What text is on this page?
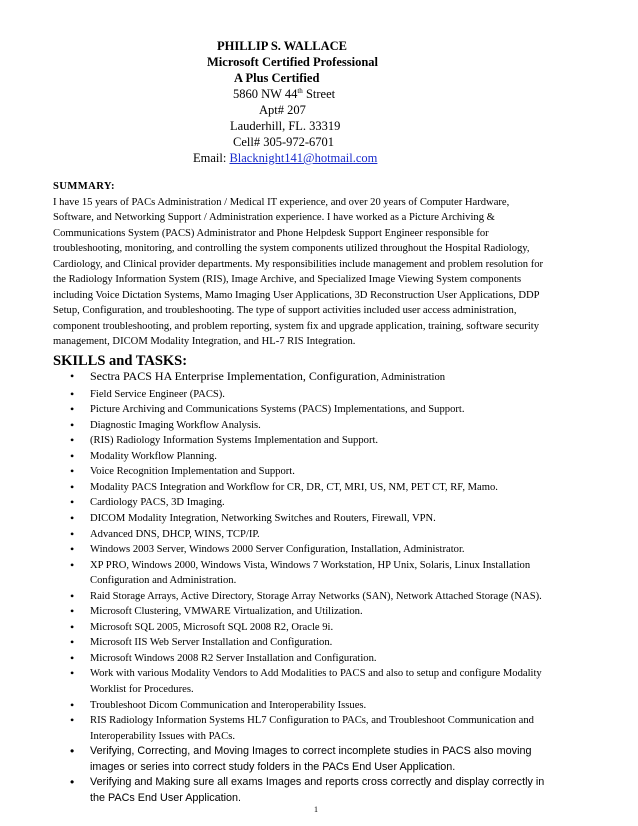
PHILLIP S. WALLACE
Microsoft Certified Professional
A Plus Certified
5860 NW 44th Street
Apt# 207
Lauderhill, FL. 33319
Cell# 305-972-6701
Email: Blacknight141@hotmail.com
SUMMARY:
I have 15 years of PACs Administration / Medical IT experience, and over 20 years of Computer Hardware,
Software, and Networking Support / Administration experience. I have worked as a Picture Archiving &
Communications System (PACS) Administrator and Phone Helpdesk Support Engineer responsible for
troubleshooting, monitoring, and controlling the system components utilized throughout the Hospital Radiology,
Cardiology, and Clinical provider departments. My responsibilities include management and problem resolution for
the Radiology Information System (RIS), Image Archive, and Specialized Image Viewing System components
including Voice Dictation Systems, Mamo Imaging User Applications, 3D Reconstruction User Applications, DDP
Setup, Configuration, and troubleshooting. The type of support activities included user access administration,
component troubleshooting, and problem reporting, system fix and upgrade application, training, software security
management, DICOM Modality Integration, and HL-7 RIS Integration.
SKILLS and TASKS:
• Sectra PACS HA Enterprise Implementation, Configuration, Administration
• Field Service Engineer (PACS).
• Picture Archiving and Communications Systems (PACS) Implementations, and Support.
• Diagnostic Imaging Workflow Analysis.
• (RIS) Radiology Information Systems Implementation and Support.
• Modality Workflow Planning.
• Voice Recognition Implementation and Support.
• Modality PACS Integration and Workflow for CR, DR, CT, MRI, US, NM, PET CT, RF, Mamo.
• Cardiology PACS, 3D Imaging.
• DICOM Modality Integration, Networking Switches and Routers, Firewall, VPN.
• Advanced DNS, DHCP, WINS, TCP/IP.
• Windows 2003 Server, Windows 2000 Server Configuration, Installation, Administrator.
• XP PRO, Windows 2000, Windows Vista, Windows 7 Workstation, HP Unix, Solaris, Linux Installation
Configuration and Administration.
• Raid Storage Arrays, Active Directory, Storage Array Networks (SAN), Network Attached Storage (NAS).
• Microsoft Clustering, VMWARE Virtualization, and Utilization.
• Microsoft SQL 2005, Microsoft SQL 2008 R2, Oracle 9i.
• Microsoft IIS Web Server Installation and Configuration.
• Microsoft Windows 2008 R2 Server Installation and Configuration.
• Work with various Modality Vendors to Add Modalities to PACS and also to setup and configure Modality
Worklist for Procedures.
• Troubleshoot Dicom Communication and Interoperability Issues.
• RIS Radiology Information Systems HL7 Configuration to PACs, and Troubleshoot Communication and
Interoperability Issues with PACs.
• Verifying, Correcting, and Moving Images to correct incomplete studies in PACS also moving
images or series into correct study folders in the PACs End User Application.
• Verifying and Making sure all exams Images and reports cross correctly and display correctly in
the PACs End User Application.
1
